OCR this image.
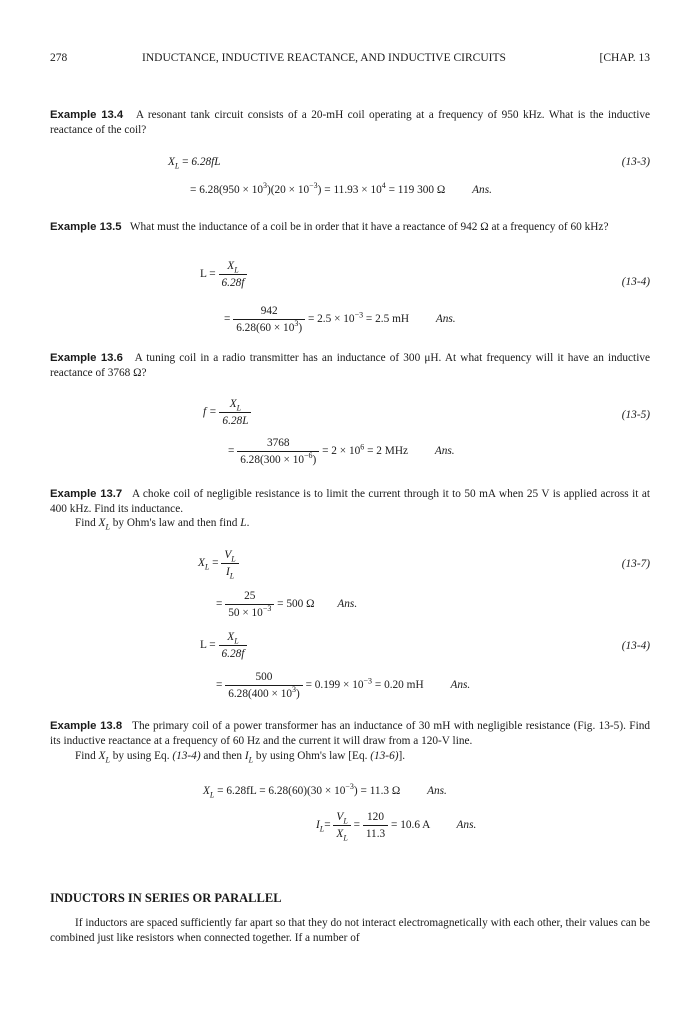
278	INDUCTANCE, INDUCTIVE REACTANCE, AND INDUCTIVE CIRCUITS	[CHAP. 13
Example 13.4 A resonant tank circuit consists of a 20-mH coil operating at a frequency of 950 kHz. What is the inductive reactance of the coil?
$X_L = 6.28fL$	(13-3)
= $6.28(950 \times 10^3)(20 \times 10^{-3}) = 11.93 \times 10^4 = 119$ 300 Ω Ans.
Example 13.5 What must the inductance of a coil be in order that it have a reactance of 942 Ω at a frequency of 60 kHz?
$L = \frac{X_L}{6.28f}$	(13-4)
= $\frac{942}{6.28(60 \times 10^3)} = 2.5 \times 10^{-3} = 2.5$ mH Ans.
Example 13.6 A tuning coil in a radio transmitter has an inductance of 300 μH. At what frequency will it have an inductive reactance of 3768 Ω?
$f = \frac{X_L}{6.28L}$	(13-5)
= $\frac{3768}{6.28(300 \times 10^{-6})} = 2 \times 10^6 = 2$ MHz Ans.
Example 13.7 A choke coil of negligible resistance is to limit the current through it to 50 mA when 25 V is applied across it at 400 kHz. Find its inductance.
Find $X_L$ by Ohm's law and then find L.
$X_L = \frac{V_L}{I_L}$	(13-7)
= $\frac{25}{50 \times 10^{-3}} = 500$ Ω Ans.
$L = \frac{X_L}{6.28f}$	(13-4)
= $\frac{500}{6.28(400 \times 10^3)} = 0.199 \times 10^{-3} = 0.20$ mH Ans.
Example 13.8 The primary coil of a power transformer has an inductance of 30 mH with negligible resistance (Fig. 13-5). Find its inductive reactance at a frequency of 60 Hz and the current it will draw from a 120-V line.
Find $X_L$ by using Eq. (13-4) and then $I_L$ by using Ohm's law [Eq. (13-6)].
$X_L = 6.28fL = 6.28(60)(30 \times 10^{-3}) = 11.3$ Ω Ans.
$I_L= \frac{V_L}{X_L} = \frac{120}{11.3} = 10.6$ A Ans.
INDUCTORS IN SERIES OR PARALLEL
If inductors are spaced sufficiently far apart so that they do not interact electromagnetically with each other, their values can be combined just like resistors when connected together. If a number of
